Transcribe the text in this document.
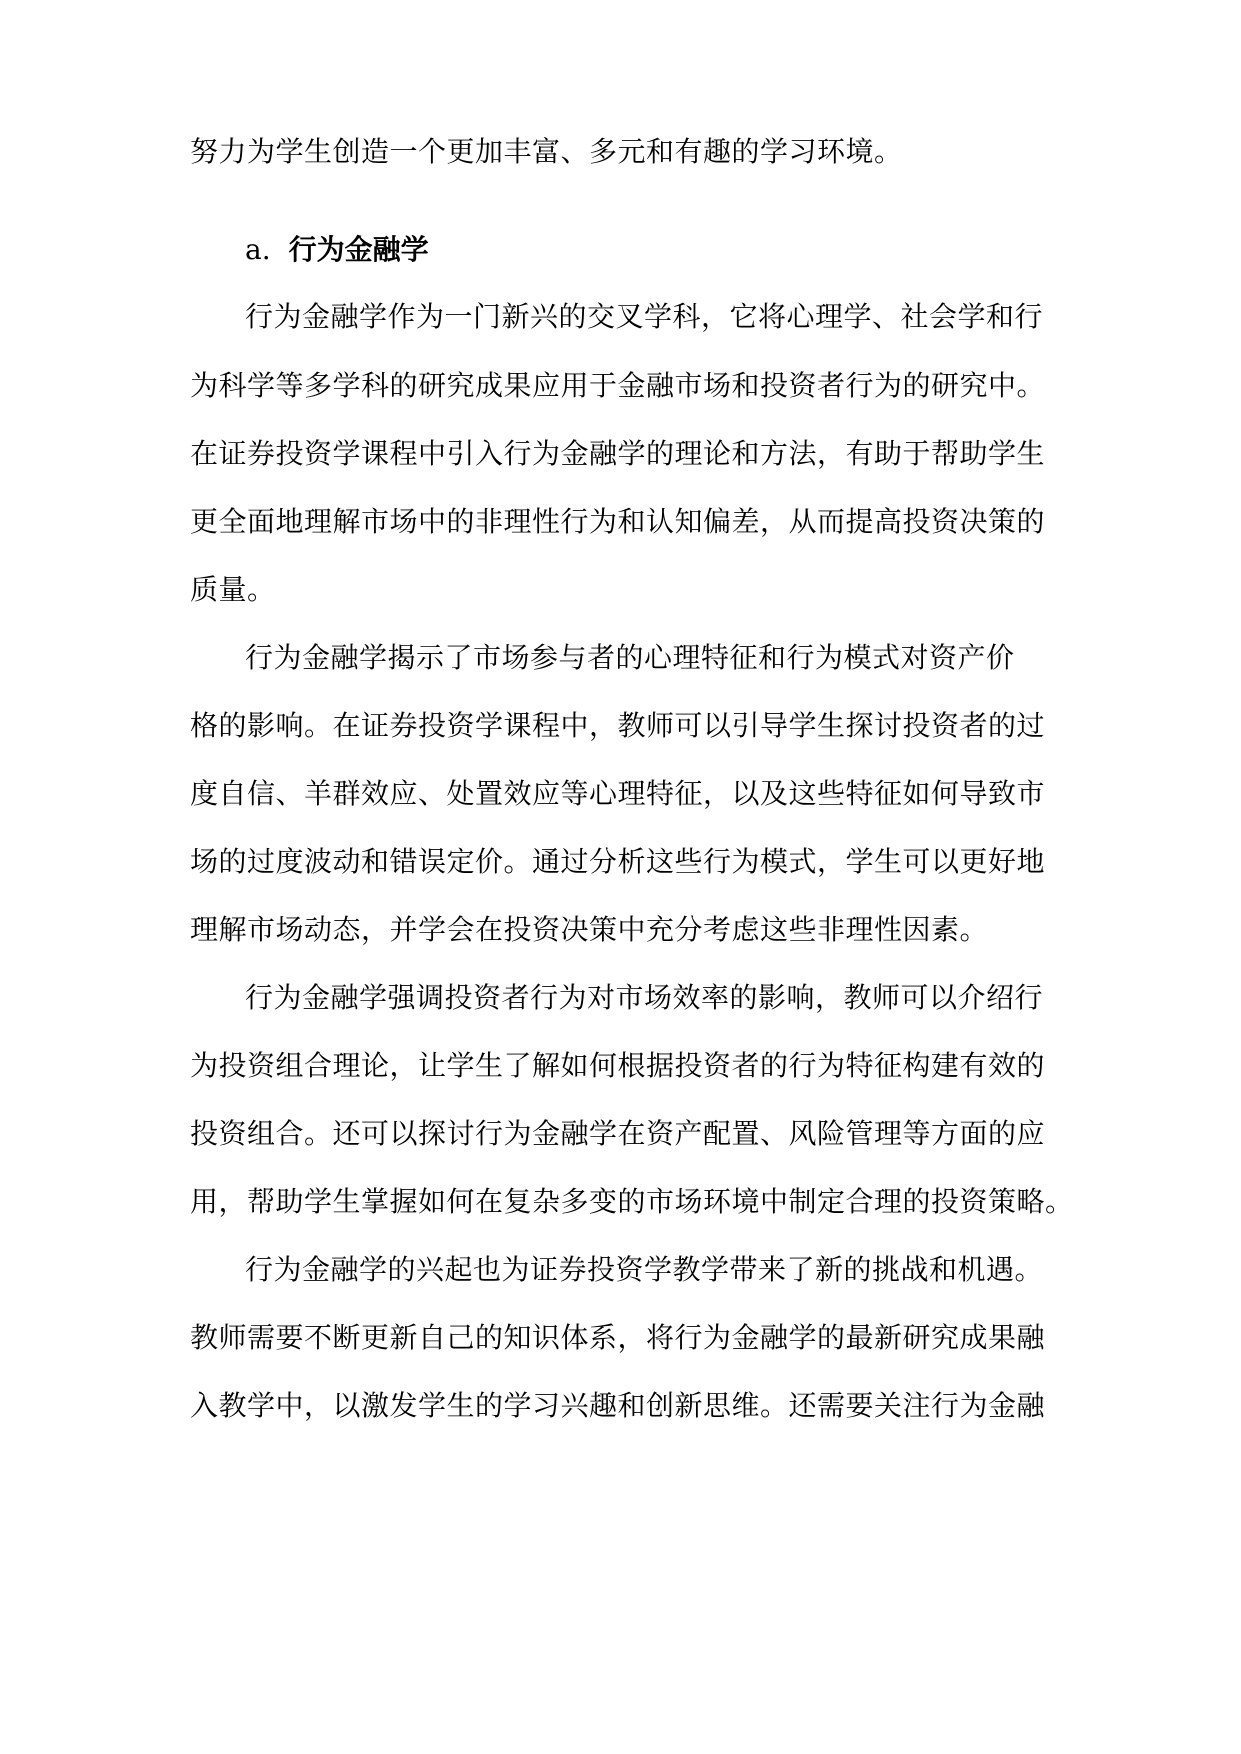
努力为学生创造一个更加丰富、多元和有趣的学习环境。
a. 行为金融学
行为金融学作为一门新兴的交叉学科，它将心理学、社会学和行
为科学等多学科的研究成果应用于金融市场和投资者行为的研究中。
在证券投资学课程中引入行为金融学的理论和方法，有助于帮助学生
更全面地理解市场中的非理性行为和认知偏差，从而提高投资决策的
质量。
行为金融学揭示了市场参与者的心理特征和行为模式对资产价
格的影响。在证券投资学课程中，教师可以引导学生探讨投资者的过
度自信、羊群效应、处置效应等心理特征，以及这些特征如何导致市
场的过度波动和错误定价。通过分析这些行为模式，学生可以更好地
理解市场动态，并学会在投资决策中充分考虑这些非理性因素。
行为金融学强调投资者行为对市场效率的影响，教师可以介绍行
为投资组合理论，让学生了解如何根据投资者的行为特征构建有效的
投资组合。还可以探讨行为金融学在资产配置、风险管理等方面的应
用，帮助学生掌握如何在复杂多变的市场环境中制定合理的投资策略。
行为金融学的兴起也为证券投资学教学带来了新的挑战和机遇。
教师需要不断更新自己的知识体系，将行为金融学的最新研究成果融
入教学中，以激发学生的学习兴趣和创新思维。还需要关注行为金融
